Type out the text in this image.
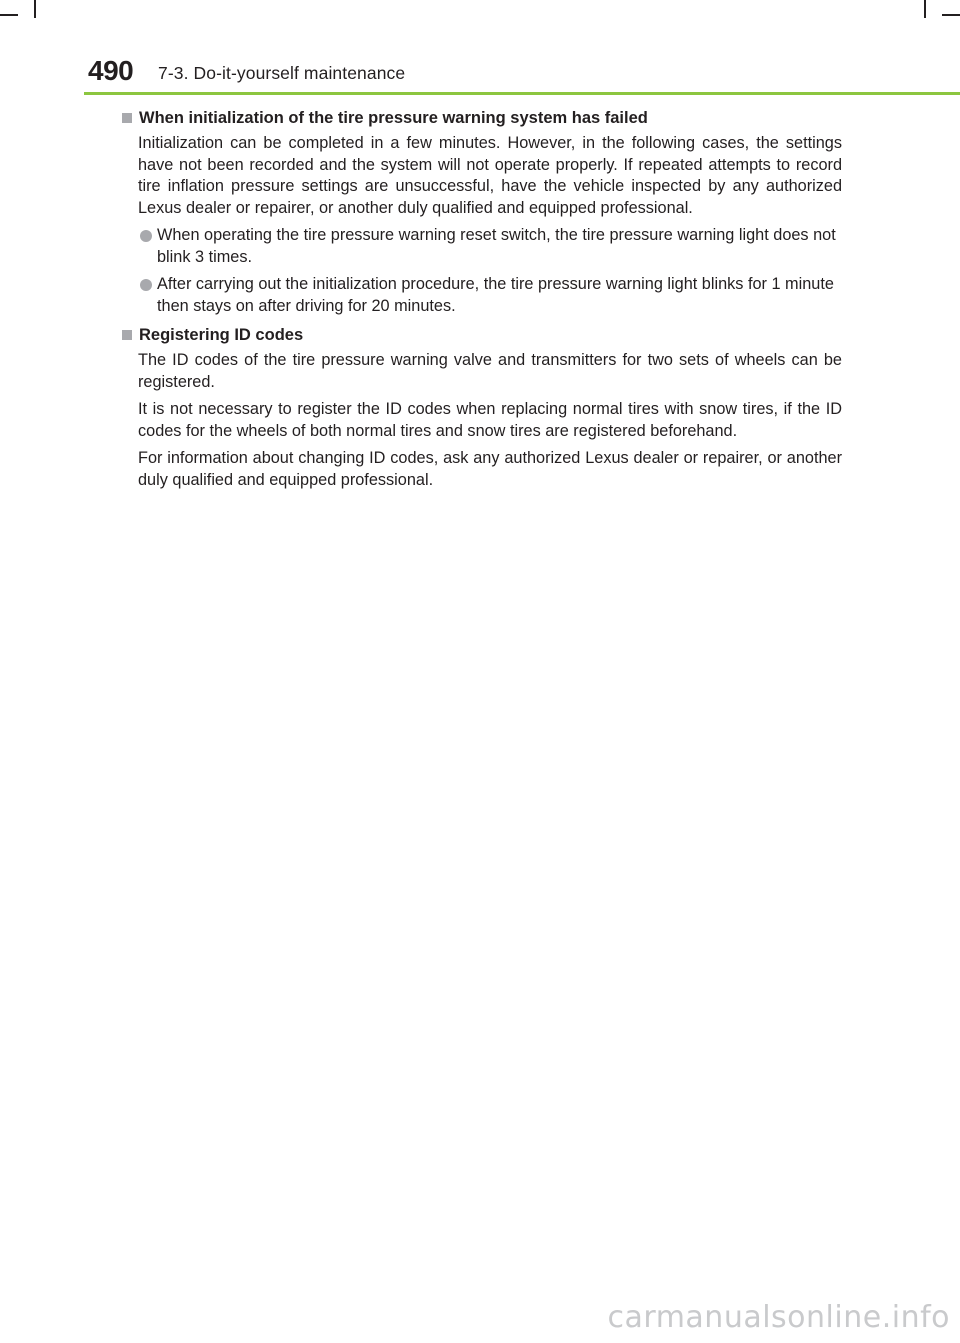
490 7-3. Do-it-yourself maintenance
When initialization of the tire pressure warning system has failed
Initialization can be completed in a few minutes. However, in the following cases, the settings have not been recorded and the system will not operate properly. If repeated attempts to record tire inflation pressure settings are unsuccessful, have the vehicle inspected by any authorized Lexus dealer or repairer, or another duly qualified and equipped professional.
When operating the tire pressure warning reset switch, the tire pressure warning light does not blink 3 times.
After carrying out the initialization procedure, the tire pressure warning light blinks for 1 minute then stays on after driving for 20 minutes.
Registering ID codes
The ID codes of the tire pressure warning valve and transmitters for two sets of wheels can be registered.
It is not necessary to register the ID codes when replacing normal tires with snow tires, if the ID codes for the wheels of both normal tires and snow tires are registered beforehand.
For information about changing ID codes, ask any authorized Lexus dealer or repairer, or another duly qualified and equipped professional.
carmanualsonline.info
